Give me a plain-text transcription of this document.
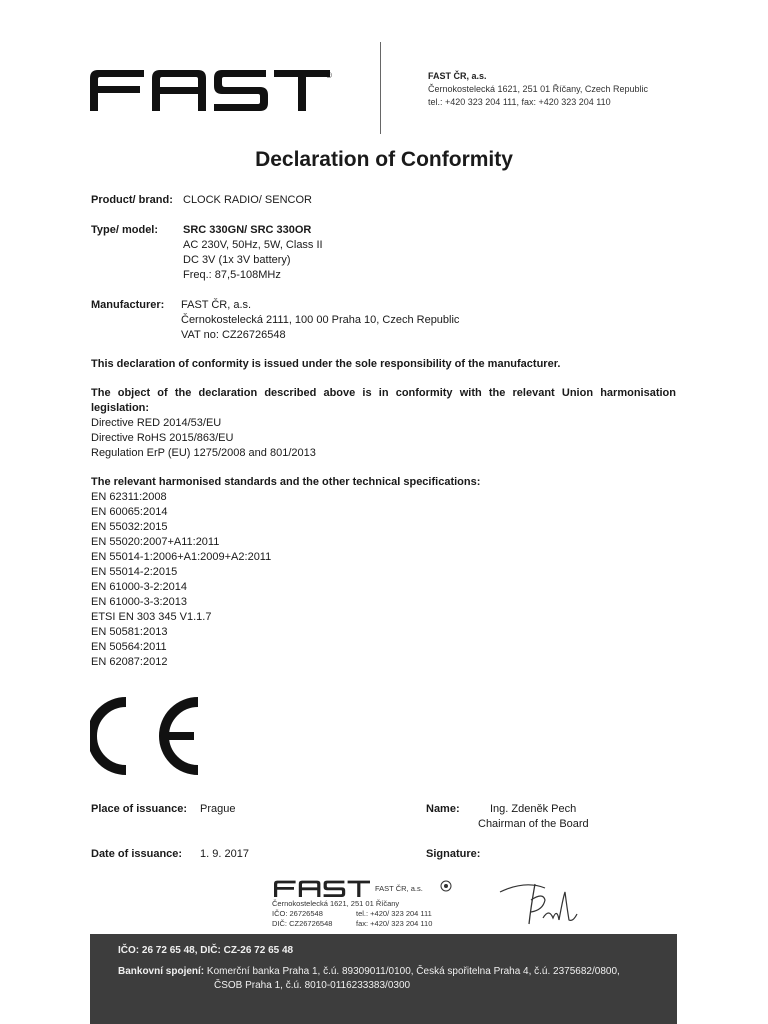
®	FAST ČR, a.s.
Černokostelecká 1621, 251 01 Říčany, Czech Republic
tel.: +420 323 204 111, fax: +420 323 204 110
Declaration of Conformity
Product/ brand: CLOCK RADIO/ SENCOR
Type/ model: SRC 330GN/ SRC 330OR
AC 230V, 50Hz, 5W, Class II
DC 3V (1x 3V battery)
Freq.: 87,5-108MHz
Manufacturer: FAST ČR, a.s.
Černokostelecká 2111, 100 00 Praha 10, Czech Republic
VAT no: CZ26726548
This declaration of conformity is issued under the sole responsibility of the manufacturer.
The object of the declaration described above is in conformity with the relevant Union harmonisation
legislation:
Directive RED 2014/53/EU
Directive RoHS 2015/863/EU
Regulation ErP (EU) 1275/2008 and 801/2013
The relevant harmonised standards and the other technical specifications:
EN 62311:2008
EN 60065:2014
EN 55032:2015
EN 55020:2007+A11:2011
EN 55014-1:2006+A1:2009+A2:2011
EN 55014-2:2015
EN 61000-3-2:2014
EN 61000-3-3:2013
ETSI EN 303 345 V1.1.7
EN 50581:2013
EN 50564:2011
EN 62087:2012
Place of issuance: Prague	Name:	Ing. Zdeněk Pech
Chairman of the Board
Date of issuance: 1. 9. 2017	Signature:
FAST ČR, a.s.
Černokostelecká 1621, 251 01 Říčany
IČO: 26726548
DIČ: CZ26726548
tel.: +420/ 323 204 111
fax: +420/ 323 204 110
IČO: 26 72 65 48, DIČ: CZ-26 72 65 48
Bankovní spojení: Komerční banka Praha 1, č.ú. 89309011/0100, Česká spořitelna Praha 4, č.ú. 2375682/0800,
ČSOB Praha 1, č.ú. 8010-0116233383/0300
